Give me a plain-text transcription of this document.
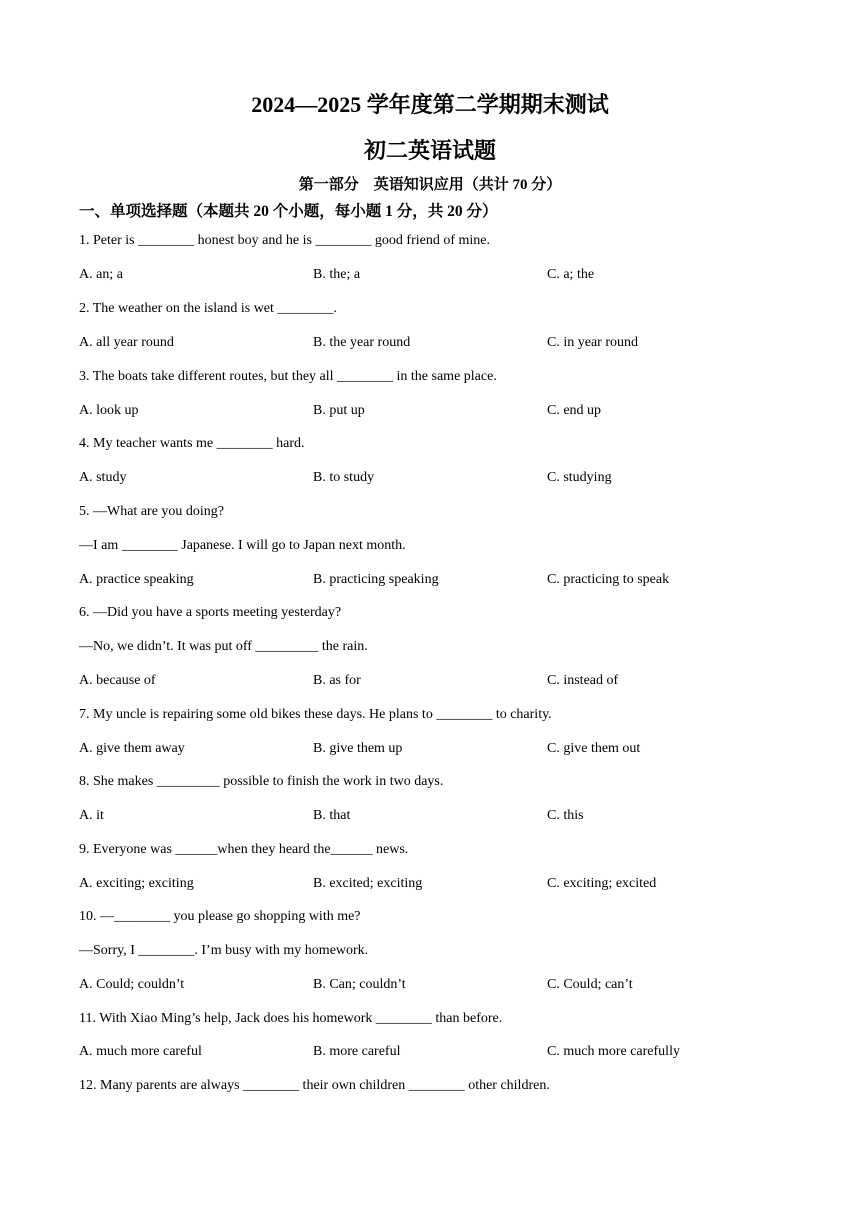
2024—2025 学年度第二学期期末测试
初二英语试题
第一部分　英语知识应用（共计 70 分）
一、单项选择题（本题共 20 个小题，每小题 1 分，共 20 分）
1. Peter is ________ honest boy and he is ________ good friend of mine.
A. an; a	B. the; a	C. a; the
2. The weather on the island is wet ________.
A. all year round	B. the year round	C. in year round
3. The boats take different routes, but they all ________ in the same place.
A. look up	B. put up	C. end up
4. My teacher wants me ________ hard.
A. study	B. to study	C. studying
5. —What are you doing?
—I am ________ Japanese. I will go to Japan next month.
A. practice speaking	B. practicing speaking	C. practicing to speak
6. —Did you have a sports meeting yesterday?
—No, we didn’t. It was put off _________ the rain.
A. because of	B. as for	C. instead of
7. My uncle is repairing some old bikes these days. He plans to ________ to charity.
A. give them away	B. give them up	C. give them out
8. She makes _________ possible to finish the work in two days.
A. it	B. that	C. this
9. Everyone was ______when they heard the______ news.
A. exciting; exciting	B. excited; exciting	C. exciting; excited
10. —________ you please go shopping with me?
—Sorry, I ________. I’m busy with my homework.
A. Could; couldn’t	B. Can; couldn’t	C. Could; can’t
11. With Xiao Ming’s help, Jack does his homework ________ than before.
A. much more careful	B. more careful	C. much more carefully
12. Many parents are always ________ their own children ________ other children.
